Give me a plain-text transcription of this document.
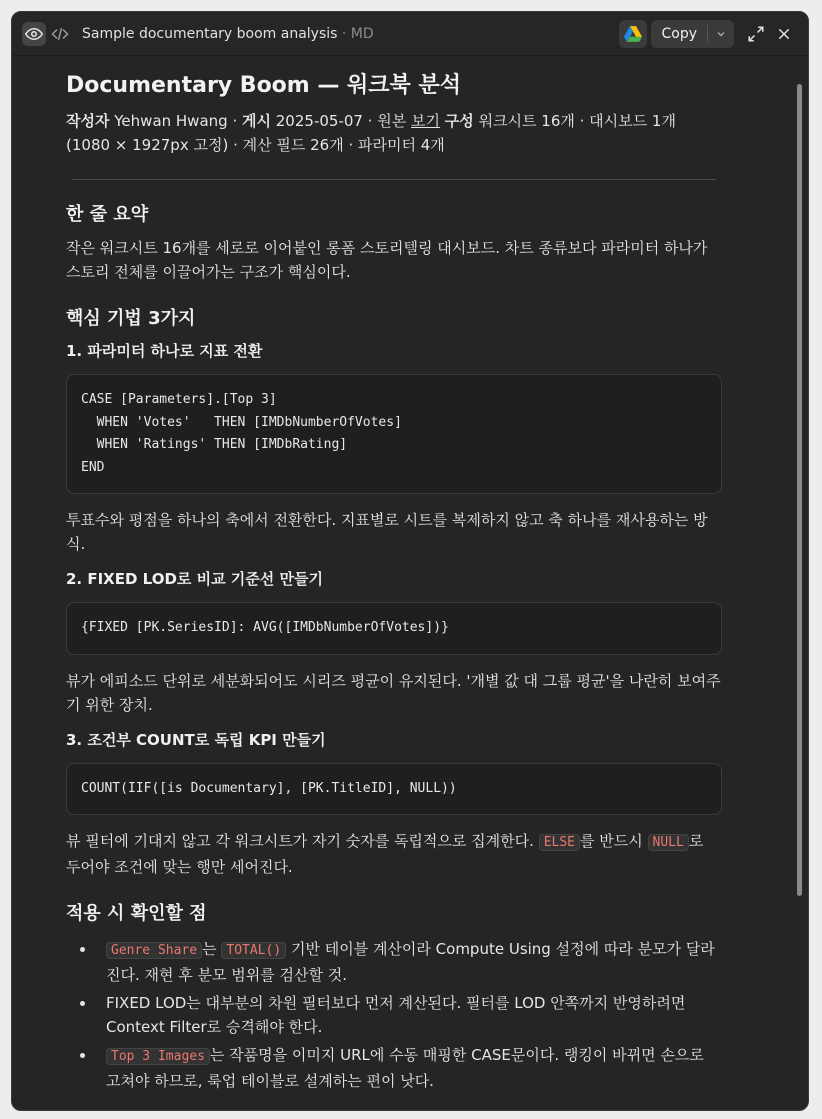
Sample documentary boom analysis · MD	Copy
Documentary Boom — 워크북 분석
작성자 Yehwan Hwang · 게시 2025-05-07 · 원본 보기 구성 워크시트 16개 · 대시보드 1개 (1080 × 1927px 고정) · 계산 필드 26개 · 파라미터 4개
한 줄 요약

작은 워크시트 16개를 세로로 이어붙인 롱폼 스토리텔링 대시보드. 차트 종류보다 파라미터 하나가 스토리 전체를 이끌어가는 구조가 핵심이다.

핵심 기법 3가지
1. 파라미터 하나로 지표 전환
CASE [Parameters].[Top 3]
WHEN 'Votes'   THEN [IMDbNumberOfVotes]
WHEN 'Ratings' THEN [IMDbRating]
END

투표수와 평점을 하나의 축에서 전환한다. 지표별로 시트를 복제하지 않고 축 하나를 재사용하는 방식.

2. FIXED LOD로 비교 기준선 만들기
{FIXED [PK.SeriesID]: AVG([IMDbNumberOfVotes])}

뷰가 에피소드 단위로 세분화되어도 시리즈 평균이 유지된다. '개별 값 대 그룹 평균'을 나란히 보여주기 위한 장치.

3. 조건부 COUNT로 독립 KPI 만들기
COUNT(IIF([is Documentary], [PK.TitleID], NULL))

뷰 필터에 기대지 않고 각 워크시트가 자기 숫자를 독립적으로 집계한다. ELSE 를 반드시 NULL 로 두어야 조건에 맞는 행만 세어진다.

적용 시 확인할 점
Genre Share 는 TOTAL() 기반 테이블 계산이라 Compute Using 설정에 따라 분모가 달라진다. 재현 후 분모 범위를 검산할 것.
FIXED LOD는 대부분의 차원 필터보다 먼저 계산된다. 필터를 LOD 안쪽까지 반영하려면 Context Filter로 승격해야 한다.
Top 3 Images 는 작품명을 이미지 URL에 수동 매핑한 CASE문이다. 랭킹이 바뀌면 손으로 고쳐야 하므로, 룩업 테이블로 설계하는 편이 낫다.
